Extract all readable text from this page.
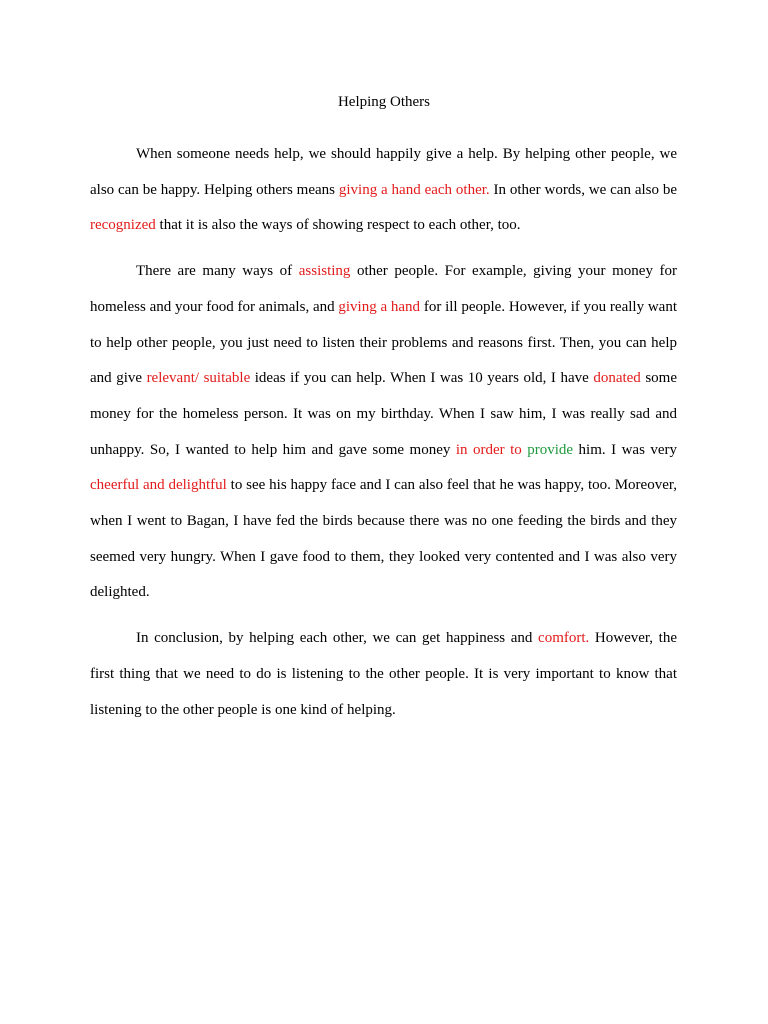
Helping Others

When someone needs help, we should happily give a help. By helping other people, we also can be happy. Helping others means giving a hand each other. In other words, we can also be recognized that it is also the ways of showing respect to each other, too.

There are many ways of assisting other people. For example, giving your money for homeless and your food for animals, and giving a hand for ill people. However, if you really want to help other people, you just need to listen their problems and reasons first. Then, you can help and give relevant/ suitable ideas if you can help. When I was 10 years old, I have donated some money for the homeless person. It was on my birthday. When I saw him, I was really sad and unhappy. So, I wanted to help him and gave some money in order to provide him. I was very cheerful and delightful to see his happy face and I can also feel that he was happy, too. Moreover, when I went to Bagan, I have fed the birds because there was no one feeding the birds and they seemed very hungry. When I gave food to them, they looked very contented and I was also very delighted.

In conclusion, by helping each other, we can get happiness and comfort. However, the first thing that we need to do is listening to the other people. It is very important to know that listening to the other people is one kind of helping.
